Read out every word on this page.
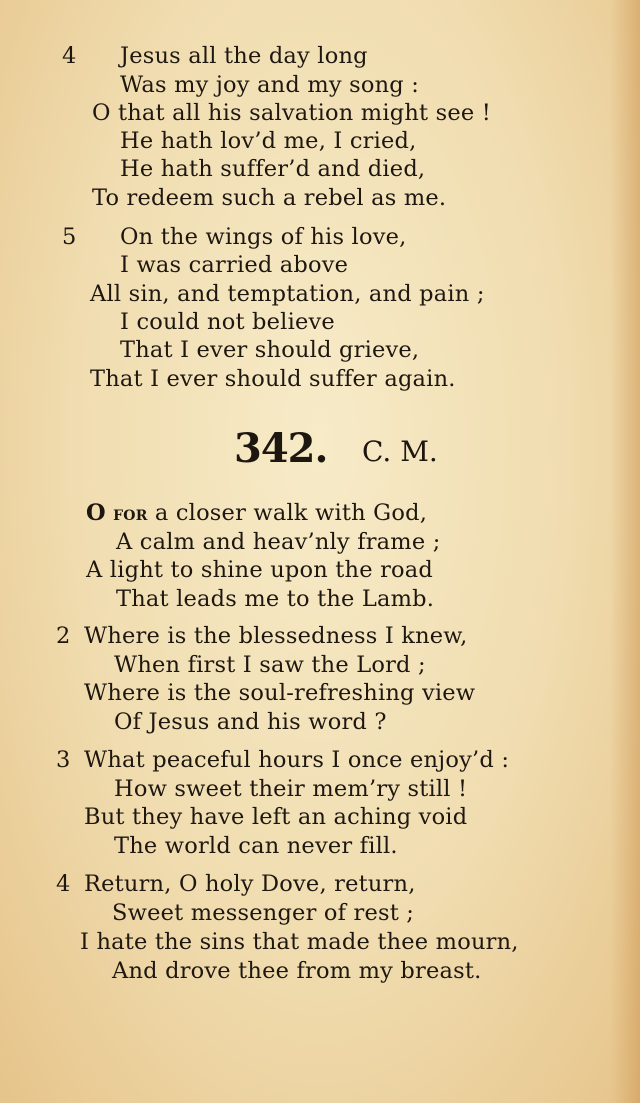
4 Jesus all the day long
Was my joy and my song :
O that all his salvation might see !
He hath lov’d me, I cried,
He hath suffer’d and died,
To redeem such a rebel as me.
5 On the wings of his love,
I was carried above
All sin, and temptation, and pain ;
I could not believe
That I ever should grieve,
That I ever should suffer again.
342. C. M.
O for a closer walk with God,
A calm and heav’nly frame ;
A light to shine upon the road
That leads me to the Lamb.
2 Where is the blessedness I knew,
When first I saw the Lord ;
Where is the soul-refreshing view
Of Jesus and his word ?
3 What peaceful hours I once enjoy’d :
How sweet their mem’ry still !
But they have left an aching void
The world can never fill.
4 Return, O holy Dove, return,
Sweet messenger of rest ;
I hate the sins that made thee mourn,
And drove thee from my breast.
